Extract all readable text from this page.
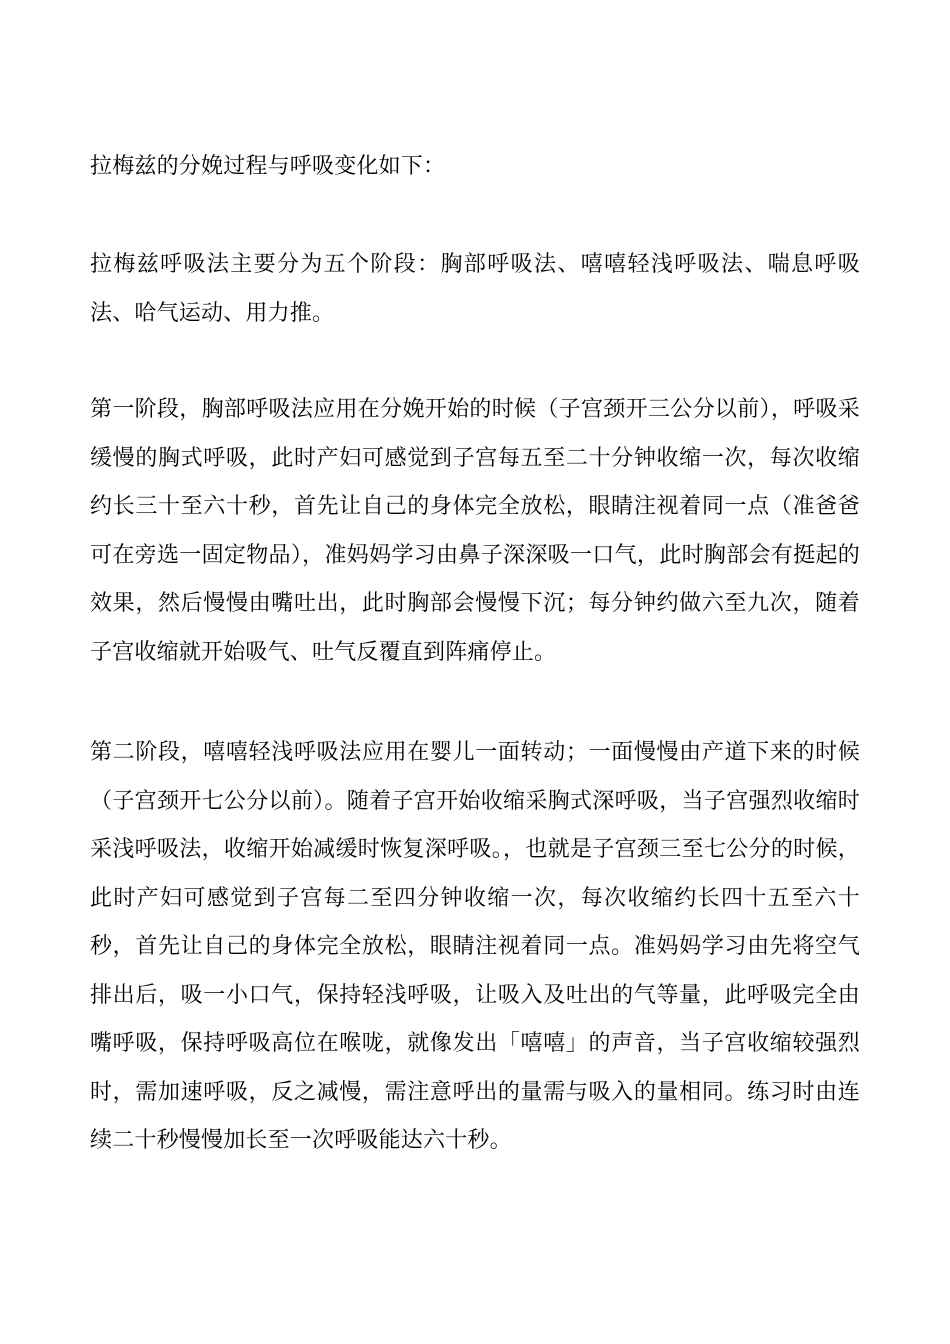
拉梅兹的分娩过程与呼吸变化如下：

拉梅兹呼吸法主要分为五个阶段：胸部呼吸法、嘻嘻轻浅呼吸法、喘息呼吸法、哈气运动、用力推。

第一阶段，胸部呼吸法应用在分娩开始的时候（子宫颈开三公分以前），呼吸采缓慢的胸式呼吸，此时产妇可感觉到子宫每五至二十分钟收缩一次，每次收缩约长三十至六十秒，首先让自己的身体完全放松，眼睛注视着同一点（准爸爸可在旁选一固定物品），准妈妈学习由鼻子深深吸一口气，此时胸部会有挺起的效果，然后慢慢由嘴吐出，此时胸部会慢慢下沉；每分钟约做六至九次，随着子宫收缩就开始吸气、吐气反覆直到阵痛停止。

第二阶段，嘻嘻轻浅呼吸法应用在婴儿一面转动；一面慢慢由产道下来的时候（子宫颈开七公分以前）。随着子宫开始收缩采胸式深呼吸，当子宫强烈收缩时采浅呼吸法，收缩开始减缓时恢复深呼吸。，也就是子宫颈三至七公分的时候，此时产妇可感觉到子宫每二至四分钟收缩一次，每次收缩约长四十五至六十秒，首先让自己的身体完全放松，眼睛注视着同一点。准妈妈学习由先将空气排出后，吸一小口气，保持轻浅呼吸，让吸入及吐出的气等量，此呼吸完全由嘴呼吸，保持呼吸高位在喉咙，就像发出「嘻嘻」的声音，当子宫收缩较强烈时，需加速呼吸，反之减慢，需注意呼出的量需与吸入的量相同。练习时由连续二十秒慢慢加长至一次呼吸能达六十秒。
